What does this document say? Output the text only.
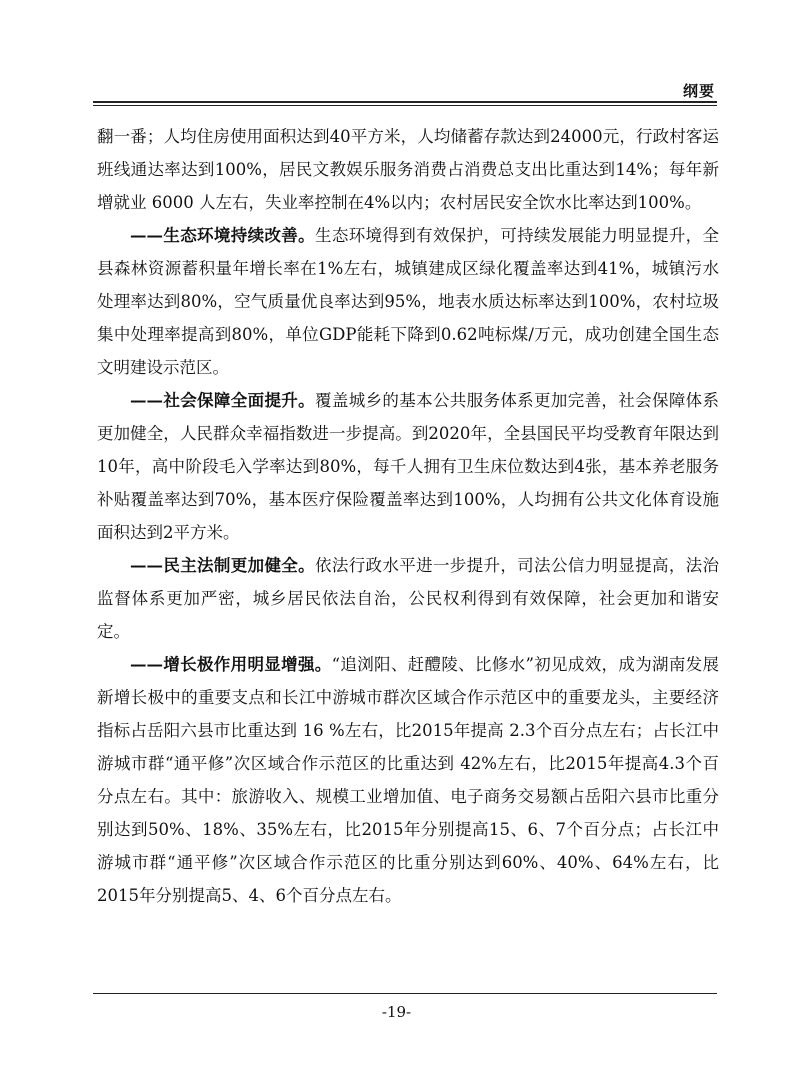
纲要

翻一番；人均住房使用面积达到40平方米，人均储蓄存款达到24000元，行政村客运班线通达率达到100%，居民文教娱乐服务消费占消费总支出比重达到14%；每年新增就业 6000 人左右，失业率控制在4%以内；农村居民安全饮水比率达到100%。

——生态环境持续改善。生态环境得到有效保护，可持续发展能力明显提升，全县森林资源蓄积量年增长率在1%左右，城镇建成区绿化覆盖率达到41%，城镇污水处理率达到80%，空气质量优良率达到95%，地表水质达标率达到100%，农村垃圾集中处理率提高到80%，单位GDP能耗下降到0.62吨标煤/万元，成功创建全国生态文明建设示范区。

——社会保障全面提升。覆盖城乡的基本公共服务体系更加完善，社会保障体系更加健全，人民群众幸福指数进一步提高。到2020年，全县国民平均受教育年限达到10年，高中阶段毛入学率达到80%，每千人拥有卫生床位数达到4张，基本养老服务补贴覆盖率达到70%，基本医疗保险覆盖率达到100%，人均拥有公共文化体育设施面积达到2平方米。

——民主法制更加健全。依法行政水平进一步提升，司法公信力明显提高，法治监督体系更加严密，城乡居民依法自治，公民权利得到有效保障，社会更加和谐安定。

——增长极作用明显增强。“追浏阳、赶醴陵、比修水”初见成效，成为湖南发展新增长极中的重要支点和长江中游城市群次区域合作示范区中的重要龙头，主要经济指标占岳阳六县市比重达到 16 %左右，比2015年提高 2.3个百分点左右；占长江中游城市群“通平修”次区域合作示范区的比重达到 42%左右，比2015年提高4.3个百分点左右。其中：旅游收入、规模工业增加值、电子商务交易额占岳阳六县市比重分别达到50%、18%、35%左右，比2015年分别提高15、6、7个百分点；占长江中游城市群“通平修”次区域合作示范区的比重分别达到60%、40%、64%左右，比2015年分别提高5、4、6个百分点左右。

-19-
